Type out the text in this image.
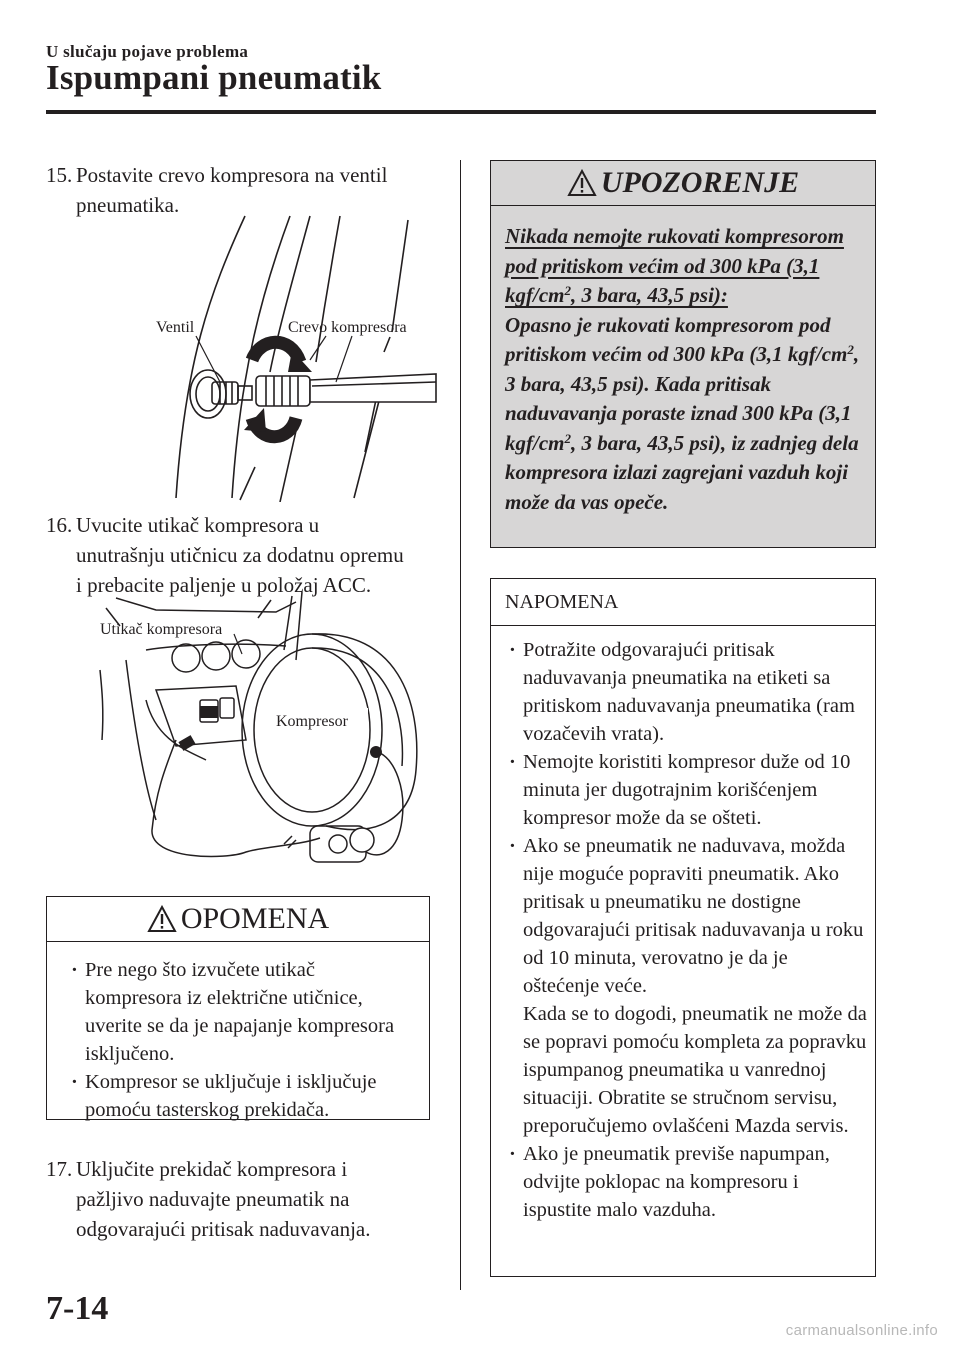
U slučaju pojave problema
Ispumpani pneumatik
15. Postavite crevo kompresora na ventil
pneumatika.
Ventil	Crevo kompresora
16. Uvucite utikač kompresora u
unutrašnju utičnicu za dodatnu opremu
i prebacite paljenje u položaj ACC.
Utikač kompresora
Kompresor
OPOMENA
· Pre nego što izvučete utikač kompresora iz električne utičnice, uverite se da je napajanje kompresora isključeno.
· Kompresor se uključuje i isključuje pomoću tasterskog prekidača.
17. Uključite prekidač kompresora i
pažljivo naduvajte pneumatik na
odgovarajući pritisak naduvavanja.
UPOZORENJE
Nikada nemojte rukovati kompresorom pod pritiskom većim od 300 kPa (3,1 kgf/$cm^2$, 3 bara, 43,5 psi):
Opasno je rukovati kompresorom pod pritiskom većim od 300 kPa (3,1 kgf/$cm^2$, 3 bara, 43,5 psi). Kada pritisak naduvavanja poraste iznad 300 kPa (3,1 kgf/$cm^2$, 3 bara, 43,5 psi), iz zadnjeg dela kompresora izlazi zagrejani vazduh koji može da vas opeče.
NAPOMENA
· Potražite odgovarajući pritisak naduvavanja pneumatika na etiketi sa pritiskom naduvavanja pneumatika (ram vozačevih vrata).
· Nemojte koristiti kompresor duže od 10 minuta jer dugotrajnim korišćenjem kompresor može da se ošteti.
· Ako se pneumatik ne naduvava, možda nije moguće popraviti pneumatik. Ako pritisak u pneumatiku ne dostigne odgovarajući pritisak naduvavanja u roku od 10 minuta, verovatno je da je oštećenje veće.
Kada se to dogodi, pneumatik ne može da se popravi pomoću kompleta za popravku ispumpanog pneumatika u vanrednoj situaciji. Obratite se stručnom servisu, preporučujemo ovlašćeni Mazda servis.
· Ako je pneumatik previše napumpan, odvijte poklopac na kompresoru i ispustite malo vazduha.
7-14
carmanualsonline.info
